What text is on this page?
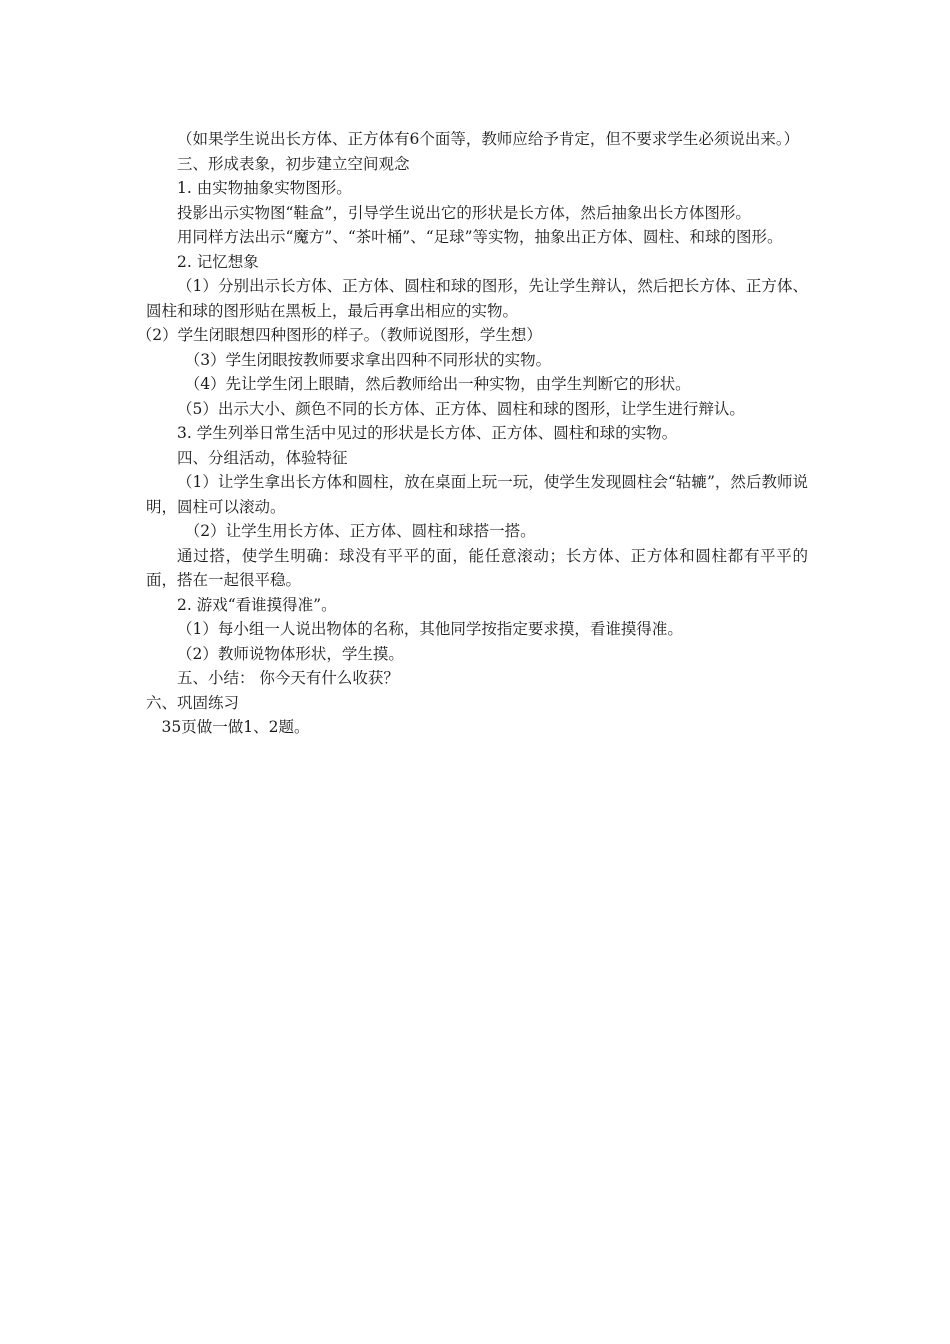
（如果学生说出长方体、正方体有6个面等，教师应给予肯定，但不要求学生必须说出来。）

三、形成表象，初步建立空间观念

1. 由实物抽象实物图形。

投影出示实物图“鞋盒”，引导学生说出它的形状是长方体，然后抽象出长方体图形。

用同样方法出示“魔方”、“茶叶桶”、“足球”等实物，抽象出正方体、圆柱、和球的图形。

2. 记忆想象

（1）分别出示长方体、正方体、圆柱和球的图形，先让学生辩认，然后把长方体、正方体、圆柱和球的图形贴在黑板上，最后再拿出相应的实物。

（2）学生闭眼想四种图形的样子。（教师说图形，学生想）

（3）学生闭眼按教师要求拿出四种不同形状的实物。

（4）先让学生闭上眼睛，然后教师给出一种实物，由学生判断它的形状。

（5）出示大小、颜色不同的长方体、正方体、圆柱和球的图形，让学生进行辩认。

3. 学生列举日常生活中见过的形状是长方体、正方体、圆柱和球的实物。

四、分组活动，体验特征

（1）让学生拿出长方体和圆柱，放在桌面上玩一玩，使学生发现圆柱会“轱辘”，然后教师说明，圆柱可以滚动。

（2）让学生用长方体、正方体、圆柱和球搭一搭。

通过搭，使学生明确：球没有平平的面，能任意滚动；长方体、正方体和圆柱都有平平的面，搭在一起很平稳。

2. 游戏“看谁摸得准”。

（1）每小组一人说出物体的名称，其他同学按指定要求摸，看谁摸得准。

（2）教师说物体形状，学生摸。

五、小结： 你今天有什么收获？

六、巩固练习

35页做一做1、2题。
